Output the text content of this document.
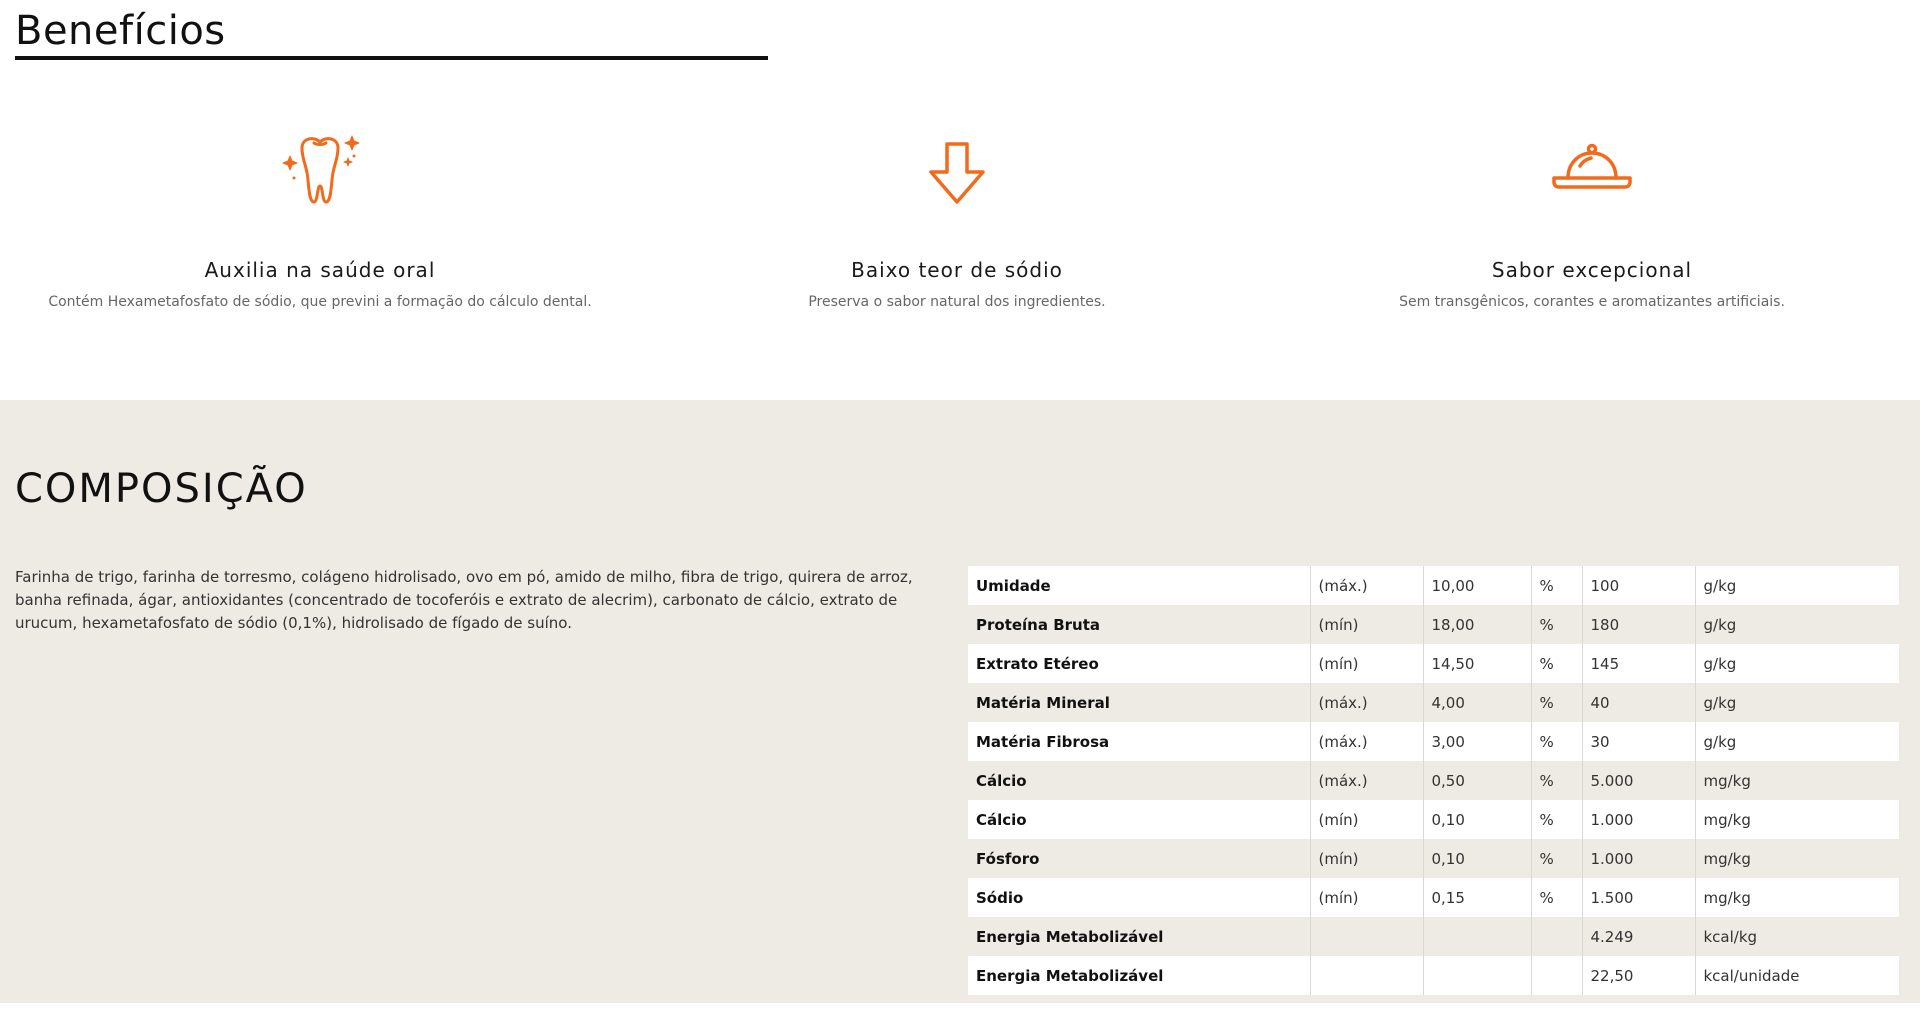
Benefícios
Auxilia na saúde oral
Contém Hexametafosfato de sódio, que previni a formação do cálculo dental.
Baixo teor de sódio
Preserva o sabor natural dos ingredientes.
Sabor excepcional
Sem transgênicos, corantes e aromatizantes artificiais.
COMPOSIÇÃO

Farinha de trigo, farinha de torresmo, colágeno hidrolisado, ovo em pó, amido de milho, fibra de trigo, quirera de arroz, banha refinada, ágar, antioxidantes (concentrado de tocoferóis e extrato de alecrim), carbonato de cálcio, extrato de urucum, hexametafosfato de sódio (0,1%), hidrolisado de fígado de suíno.

Umidade	(máx.)	10,00	%	100	g/kg
Proteína Bruta	(mín)	18,00	%	180	g/kg
Extrato Etéreo	(mín)	14,50	%	145	g/kg
Matéria Mineral	(máx.)	4,00	%	40	g/kg
Matéria Fibrosa	(máx.)	3,00	%	30	g/kg
Cálcio	(máx.)	0,50	%	5.000	mg/kg
Cálcio	(mín)	0,10	%	1.000	mg/kg
Fósforo	(mín)	0,10	%	1.000	mg/kg
Sódio	(mín)	0,15	%	1.500	mg/kg
Energia Metabolizável				4.249	kcal/kg
Energia Metabolizável				22,50	kcal/unidade
